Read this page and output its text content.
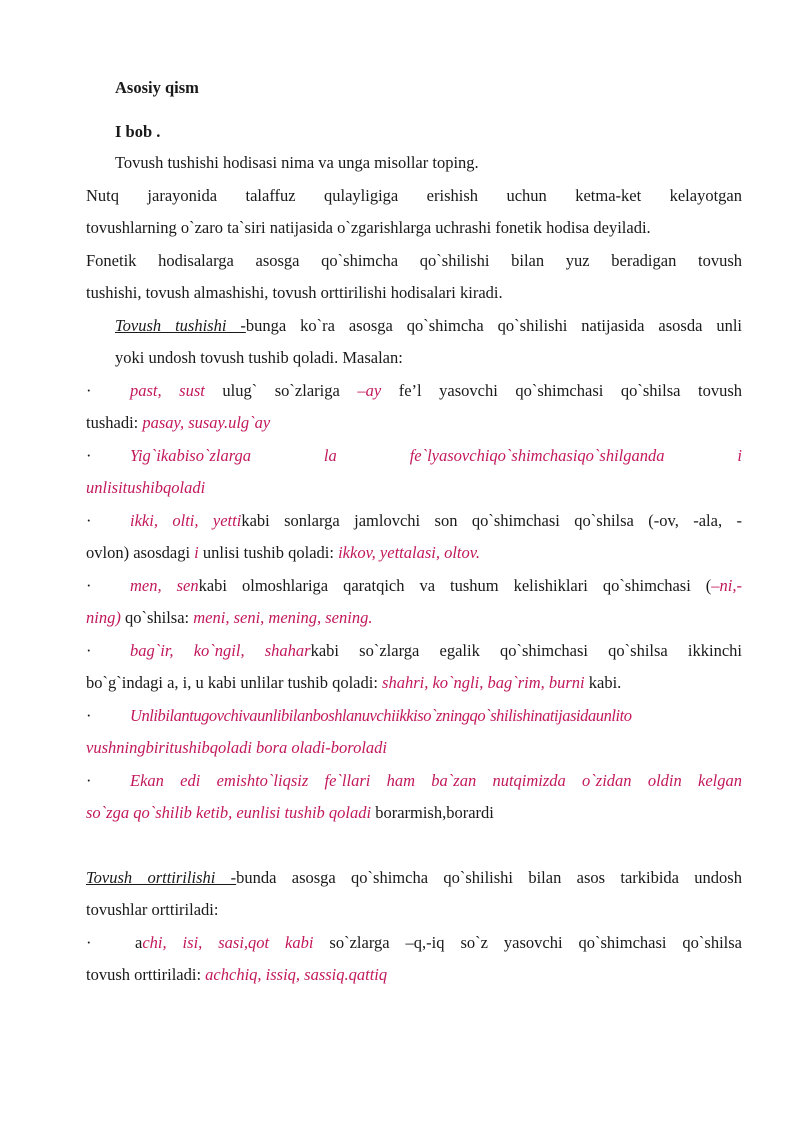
Asosiy qism
I bob .
Tovush tushishi hodisasi nima va unga misollar toping.
Nutq jarayonida talaffuz qulayligiga erishish uchun ketma-ket kelayotgan
tovushlarning o`zaro ta`siri natijasida o`zgarishlarga uchrashi fonetik hodisa deyiladi.
Fonetik hodisalarga asosga qo`shimcha qo`shilishi bilan yuz beradigan tovush
tushishi, tovush almashishi, tovush orttirilishi hodisalari kiradi.
Tovush tushishi -bunga ko`ra asosga qo`shimcha qo`shilishi natijasida asosda unli
yoki undosh tovush tushib qoladi. Masalan:
·	past, sust ulug` so`zlariga –ay fe’l yasovchi qo`shimchasi qo`shilsa tovush
tushadi: pasay, susay.ulg`ay
·	Yig`ikabiso`zlarga la fe`lyasovchiqo`shimchasiqo`shilganda i
unlisitushibqoladi
·	ikki, olti, yettikabi sonlarga jamlovchi son qo`shimchasi qo`shilsa (-ov, -ala, -
ovlon) asosdagi i unlisi tushib qoladi: ikkov, yettalasi, oltov.
·	men, senkabi olmoshlariga qaratqich va tushum kelishiklari qo`shimchasi (–ni,-
ning) qo`shilsa: meni, seni, mening, sening.
·	bag`ir, ko`ngil, shaharkabi so`zlarga egalik qo`shimchasi qo`shilsa ikkinchi
bo`g`indagi a, i, u kabi unlilar tushib qoladi: shahri, ko`ngli, bag`rim, burni kabi.
·	Unlibilantugovchivaunlibilanboshlanuvchiikkiso`zningqo`shilishinatijasidaunlito
vushningbiritushibqoladi bora oladi-boroladi
·	Ekan edi emishto`liqsiz fe`llari ham ba`zan nutqimizda o`zidan oldin kelgan
so`zga qo`shilib ketib, eunlisi tushib qoladi borarmish,borardi
Tovush orttirilishi -bunda asosga qo`shimcha qo`shilishi bilan asos tarkibida undosh
tovushlar orttiriladi:
·	achi, isi, sasi,qot kabi so`zlarga –q,-iq so`z yasovchi qo`shimchasi qo`shilsa
tovush orttiriladi: achchiq, issiq, sassiq.qattiq
